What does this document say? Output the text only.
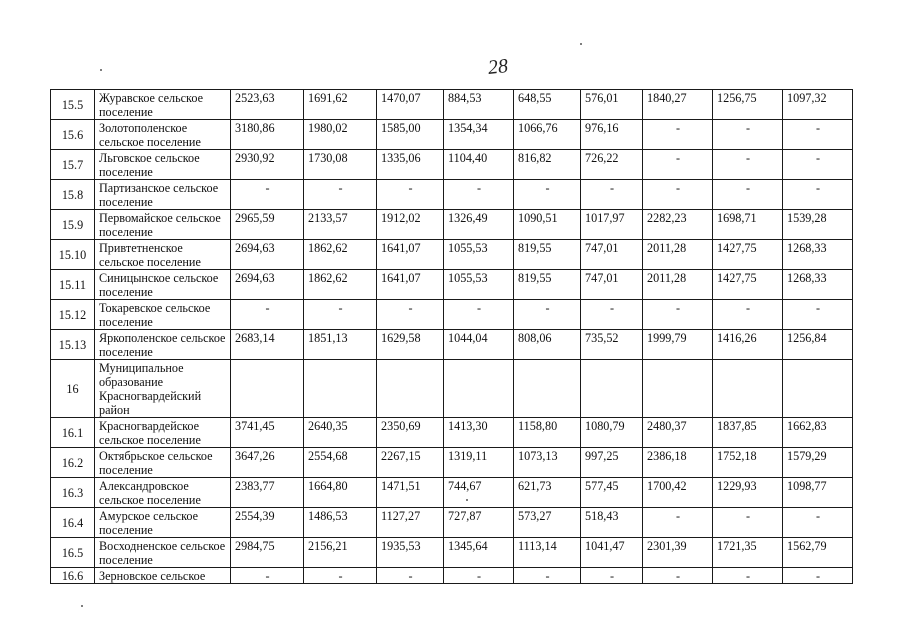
28
15.5	Журавское сельское поселение	2523,63	1691,62	1470,07	884,53	648,55	576,01	1840,27	1256,75	1097,32
15.6	Золотополенское сельское поселение	3180,86	1980,02	1585,00	1354,34	1066,76	976,16	-	-	-
15.7	Льговское сельское поселение	2930,92	1730,08	1335,06	1104,40	816,82	726,22	-	-	-
15.8	Партизанское сельское поселение	-	-	-	-	-	-	-	-	-
15.9	Первомайское сельское поселение	2965,59	2133,57	1912,02	1326,49	1090,51	1017,97	2282,23	1698,71	1539,28
15.10	Привтетненское сельское поселение	2694,63	1862,62	1641,07	1055,53	819,55	747,01	2011,28	1427,75	1268,33
15.11	Синицынское сельское поселение	2694,63	1862,62	1641,07	1055,53	819,55	747,01	2011,28	1427,75	1268,33
15.12	Токаревское сельское поселение	-	-	-	-	-	-	-	-	-
15.13	Яркополенское сельское поселение	2683,14	1851,13	1629,58	1044,04	808,06	735,52	1999,79	1416,26	1256,84
16	Муниципальное образование Красногвардейский район									
16.1	Красногвардейское сельское поселение	3741,45	2640,35	2350,69	1413,30	1158,80	1080,79	2480,37	1837,85	1662,83
16.2	Октябрьское сельское поселение	3647,26	2554,68	2267,15	1319,11	1073,13	997,25	2386,18	1752,18	1579,29
16.3	Александровское сельское поселение	2383,77	1664,80	1471,51	744,67	621,73	577,45	1700,42	1229,93	1098,77
16.4	Амурское сельское поселение	2554,39	1486,53	1127,27	727,87	573,27	518,43	-	-	-
16.5	Восходненское сельское поселение	2984,75	2156,21	1935,53	1345,64	1113,14	1041,47	2301,39	1721,35	1562,79
16.6	Зерновское сельское	-	-	-	-	-	-	-	-	-
